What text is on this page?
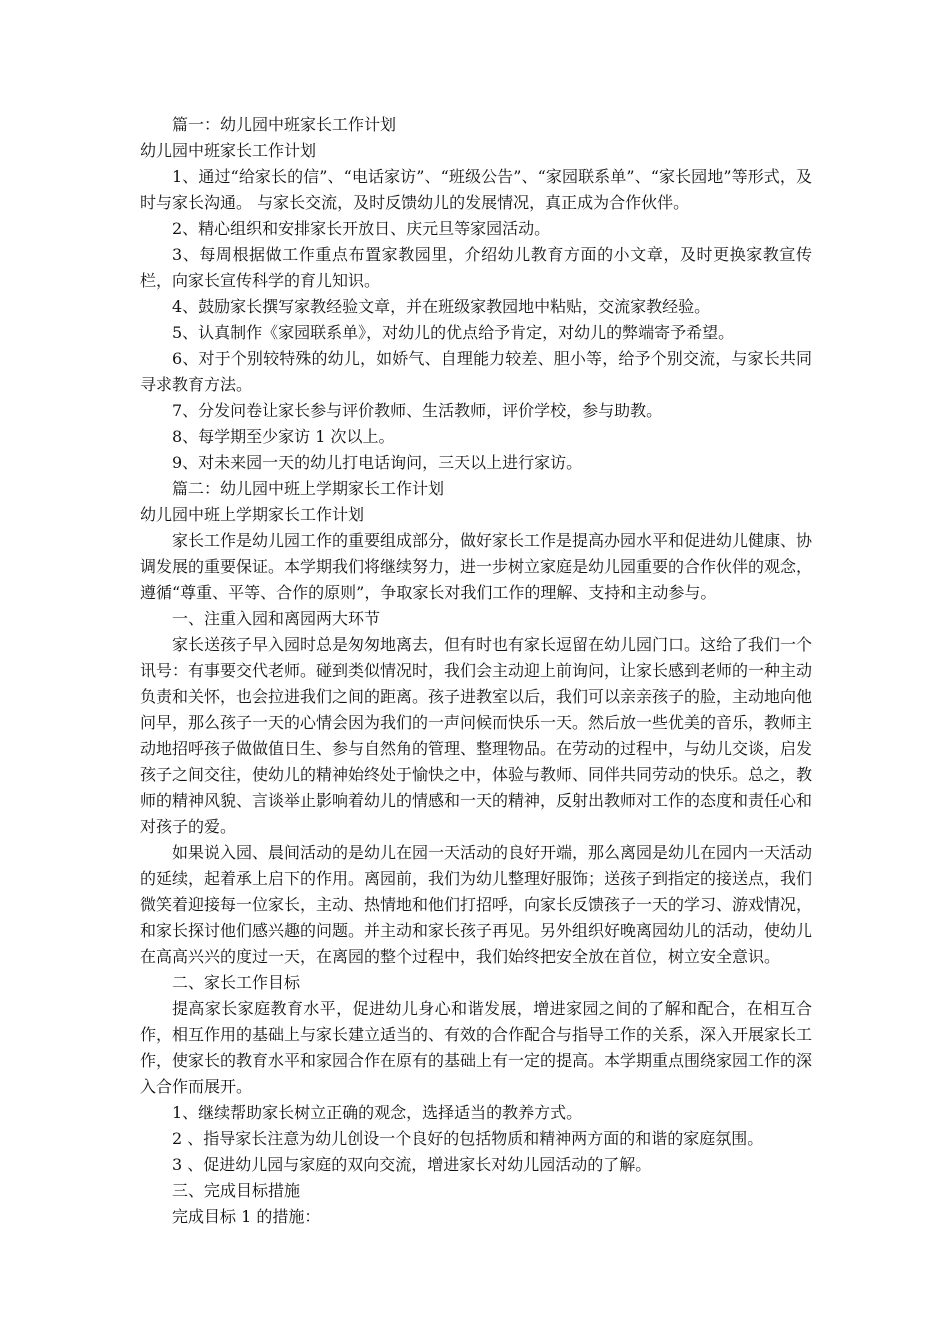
篇一：幼儿园中班家长工作计划

幼儿园中班家长工作计划

1、通过“给家长的信”、“电话家访”、“班级公告”、“家园联系单”、“家长园地”等形式，及时与家长沟通。 与家长交流，及时反馈幼儿的发展情况，真正成为合作伙伴。

2、精心组织和安排家长开放日、庆元旦等家园活动。

3、每周根据做工作重点布置家教园里，介绍幼儿教育方面的小文章，及时更换家教宣传栏，向家长宣传科学的育儿知识。

4、鼓励家长撰写家教经验文章，并在班级家教园地中粘贴，交流家教经验。

5、认真制作《家园联系单》，对幼儿的优点给予肯定，对幼儿的弊端寄予希望。

6、对于个别较特殊的幼儿，如娇气、自理能力较差、胆小等，给予个别交流，与家长共同寻求教育方法。

7、分发问卷让家长参与评价教师、生活教师，评价学校，参与助教。

8、每学期至少家访 1 次以上。

9、对未来园一天的幼儿打电话询问，三天以上进行家访。

篇二：幼儿园中班上学期家长工作计划

幼儿园中班上学期家长工作计划

家长工作是幼儿园工作的重要组成部分，做好家长工作是提高办园水平和促进幼儿健康、协调发展的重要保证。本学期我们将继续努力，进一步树立家庭是幼儿园重要的合作伙伴的观念，遵循“尊重、平等、合作的原则”，争取家长对我们工作的理解、支持和主动参与。

一、注重入园和离园两大环节

家长送孩子早入园时总是匆匆地离去，但有时也有家长逗留在幼儿园门口。这给了我们一个讯号：有事要交代老师。碰到类似情况时，我们会主动迎上前询问，让家长感到老师的一种主动负责和关怀，也会拉进我们之间的距离。孩子进教室以后，我们可以亲亲孩子的脸，主动地向他问早，那么孩子一天的心情会因为我们的一声问候而快乐一天。然后放一些优美的音乐，教师主动地招呼孩子做做值日生、参与自然角的管理、整理物品。在劳动的过程中，与幼儿交谈，启发孩子之间交往，使幼儿的精神始终处于愉快之中，体验与教师、同伴共同劳动的快乐。总之，教师的精神风貌、言谈举止影响着幼儿的情感和一天的精神，反射出教师对工作的态度和责任心和对孩子的爱。

如果说入园、晨间活动的是幼儿在园一天活动的良好开端，那么离园是幼儿在园内一天活动的延续，起着承上启下的作用。离园前，我们为幼儿整理好服饰；送孩子到指定的接送点，我们微笑着迎接每一位家长，主动、热情地和他们打招呼，向家长反馈孩子一天的学习、游戏情况，和家长探讨他们感兴趣的问题。并主动和家长孩子再见。另外组织好晚离园幼儿的活动，使幼儿在高高兴兴的度过一天，在离园的整个过程中，我们始终把安全放在首位，树立安全意识。

二、家长工作目标

提高家长家庭教育水平，促进幼儿身心和谐发展，增进家园之间的了解和配合，在相互合作，相互作用的基础上与家长建立适当的、有效的合作配合与指导工作的关系，深入开展家长工作，使家长的教育水平和家园合作在原有的基础上有一定的提高。本学期重点围绕家园工作的深入合作而展开。

1、继续帮助家长树立正确的观念，选择适当的教养方式。

2 、指导家长注意为幼儿创设一个良好的包括物质和精神两方面的和谐的家庭氛围。

3 、促进幼儿园与家庭的双向交流，增进家长对幼儿园活动的了解。

三、完成目标措施

完成目标 1 的措施：
